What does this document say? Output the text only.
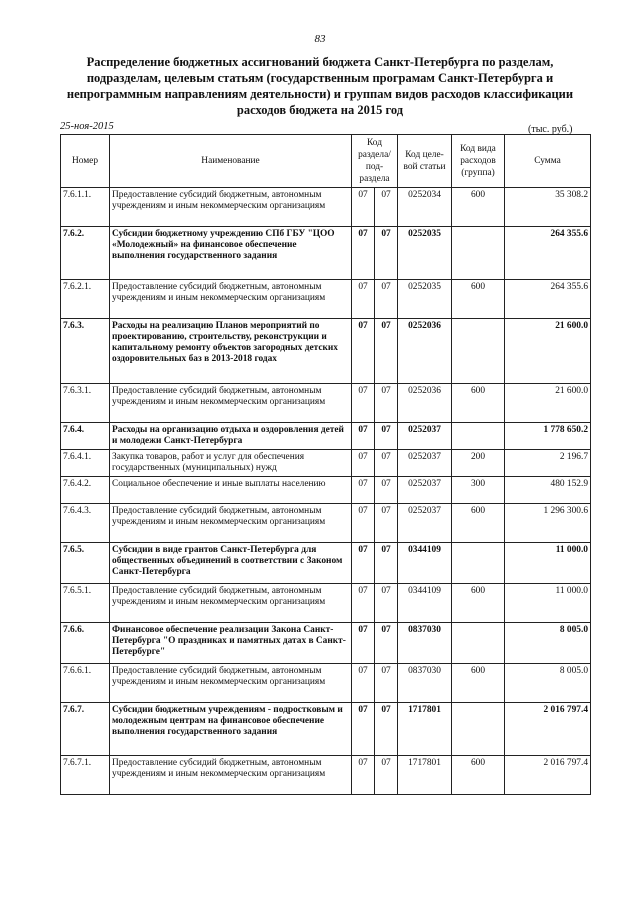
83
Распределение бюджетных ассигнований бюджета Санкт-Петербурга по разделам, подразделам, целевым статьям (государственным програмам Санкт-Петербурга и непрограммным направлениям деятельности) и группам видов расходов классификации расходов бюджета на 2015 год
25-ноя-2015	(тыс. руб.)
Номер	Наименование	Код раздела/ под- раздела		Код целе- вой статьи	Код вида расходов (группа)	Сумма
7.6.1.1.	Предоставление субсидий бюджетным, автономным учреждениям и иным некоммерческим организациям	07	07	0252034	600	35 308.2
7.6.2.	Субсидии бюджетному учреждению СПб ГБУ "ЦОО «Молодежный» на финансовое обеспечение выполнения государственного задания	07	07	0252035		264 355.6
7.6.2.1.	Предоставление субсидий бюджетным, автономным учреждениям и иным некоммерческим организациям	07	07	0252035	600	264 355.6
7.6.3.	Расходы на реализацию Планов мероприятий по проектированию, строительству, реконструкции и капитальному ремонту объектов загородных детских оздоровительных баз в 2013-2018 годах	07	07	0252036		21 600.0
7.6.3.1.	Предоставление субсидий бюджетным, автономным учреждениям и иным некоммерческим организациям	07	07	0252036	600	21 600.0
7.6.4.	Расходы на организацию отдыха и оздоровления детей и молодежи Санкт-Петербурга	07	07	0252037		1 778 650.2
7.6.4.1.	Закупка товаров, работ и услуг для обеспечения государственных (муниципальных) нужд	07	07	0252037	200	2 196.7
7.6.4.2.	Социальное обеспечение и иные выплаты населению	07	07	0252037	300	480 152.9
7.6.4.3.	Предоставление субсидий бюджетным, автономным учреждениям и иным некоммерческим организациям	07	07	0252037	600	1 296 300.6
7.6.5.	Субсидии в виде грантов Санкт-Петербурга для общественных объединений в соответствии с Законом Санкт-Петербурга	07	07	0344109		11 000.0
7.6.5.1.	Предоставление субсидий бюджетным, автономным учреждениям и иным некоммерческим организациям	07	07	0344109	600	11 000.0
7.6.6.	Финансовое обеспечение реализации Закона Санкт-Петербурга "О праздниках и памятных датах в Санкт-Петербурге"	07	07	0837030		8 005.0
7.6.6.1.	Предоставление субсидий бюджетным, автономным учреждениям и иным некоммерческим организациям	07	07	0837030	600	8 005.0
7.6.7.	Субсидии бюджетным учреждениям - подростковым и молодежным центрам на финансовое обеспечение выполнения государственного задания	07	07	1717801		2 016 797.4
7.6.7.1.	Предоставление субсидий бюджетным, автономным учреждениям и иным некоммерческим организациям	07	07	1717801	600	2 016 797.4
